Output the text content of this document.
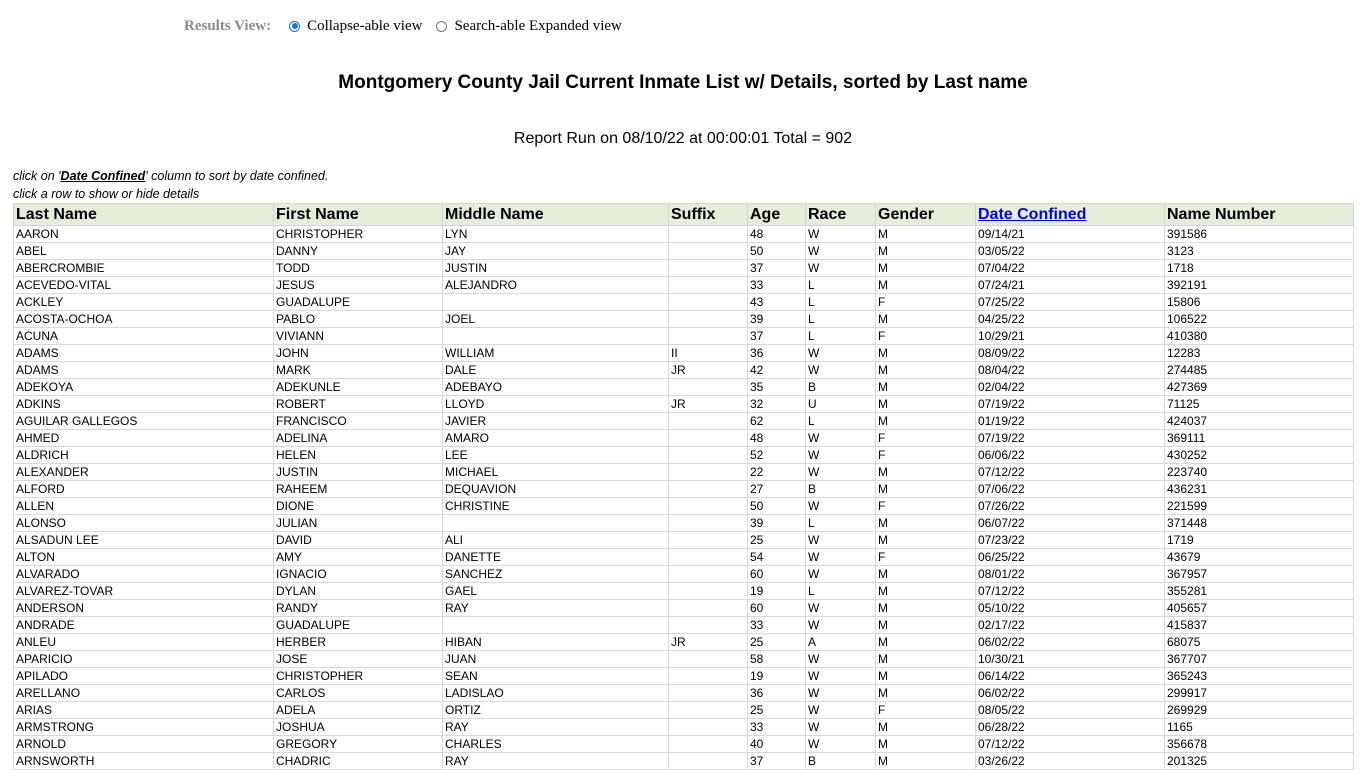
Results View: Collapse-able view Search-able Expanded view
Montgomery County Jail Current Inmate List w/ Details, sorted by Last name
Report Run on 08/10/22 at 00:00:01 Total = 902
click on 'Date Confined' column to sort by date confined.
click a row to show or hide details
Last Name	First Name	Middle Name	Suffix	Age	Race	Gender	Date Confined	Name Number
AARON	CHRISTOPHER	LYN		48	W	M	09/14/21	391586
ABEL	DANNY	JAY		50	W	M	03/05/22	3123
ABERCROMBIE	TODD	JUSTIN		37	W	M	07/04/22	1718
ACEVEDO-VITAL	JESUS	ALEJANDRO		33	L	M	07/24/21	392191
ACKLEY	GUADALUPE			43	L	F	07/25/22	15806
ACOSTA-OCHOA	PABLO	JOEL		39	L	M	04/25/22	106522
ACUNA	VIVIANN			37	L	F	10/29/21	410380
ADAMS	JOHN	WILLIAM	II	36	W	M	08/09/22	12283
ADAMS	MARK	DALE	JR	42	W	M	08/04/22	274485
ADEKOYA	ADEKUNLE	ADEBAYO		35	B	M	02/04/22	427369
ADKINS	ROBERT	LLOYD	JR	32	U	M	07/19/22	71125
AGUILAR GALLEGOS	FRANCISCO	JAVIER		62	L	M	01/19/22	424037
AHMED	ADELINA	AMARO		48	W	F	07/19/22	369111
ALDRICH	HELEN	LEE		52	W	F	06/06/22	430252
ALEXANDER	JUSTIN	MICHAEL		22	W	M	07/12/22	223740
ALFORD	RAHEEM	DEQUAVION		27	B	M	07/06/22	436231
ALLEN	DIONE	CHRISTINE		50	W	F	07/26/22	221599
ALONSO	JULIAN			39	L	M	06/07/22	371448
ALSADUN LEE	DAVID	ALI		25	W	M	07/23/22	1719
ALTON	AMY	DANETTE		54	W	F	06/25/22	43679
ALVARADO	IGNACIO	SANCHEZ		60	W	M	08/01/22	367957
ALVAREZ-TOVAR	DYLAN	GAEL		19	L	M	07/12/22	355281
ANDERSON	RANDY	RAY		60	W	M	05/10/22	405657
ANDRADE	GUADALUPE			33	W	M	02/17/22	415837
ANLEU	HERBER	HIBAN	JR	25	A	M	06/02/22	68075
APARICIO	JOSE	JUAN		58	W	M	10/30/21	367707
APILADO	CHRISTOPHER	SEAN		19	W	M	06/14/22	365243
ARELLANO	CARLOS	LADISLAO		36	W	M	06/02/22	299917
ARIAS	ADELA	ORTIZ		25	W	F	08/05/22	269929
ARMSTRONG	JOSHUA	RAY		33	W	M	06/28/22	1165
ARNOLD	GREGORY	CHARLES		40	W	M	07/12/22	356678
ARNSWORTH	CHADRIC	RAY		37	B	M	03/26/22	201325
